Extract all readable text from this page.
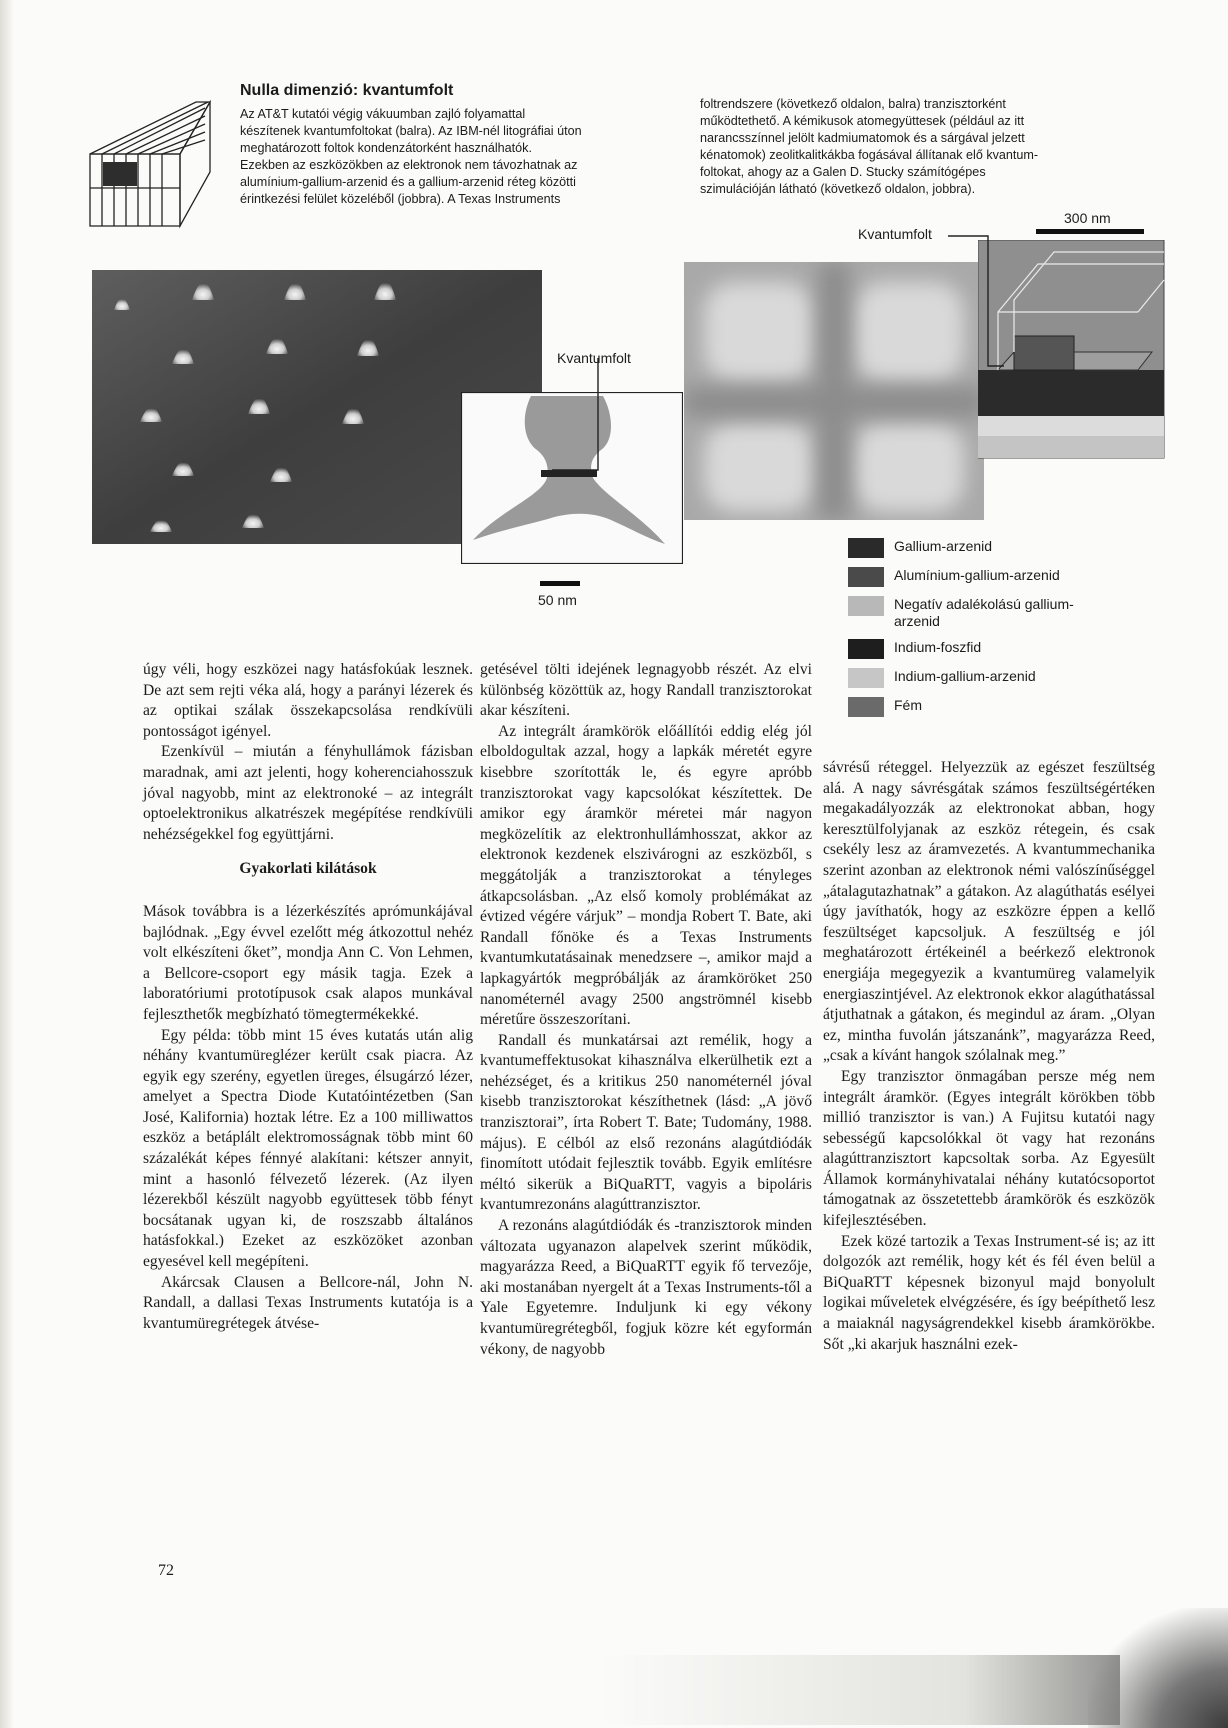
Nulla dimenzió: kvantumfolt

Az AT&T kutatói végig vákuumban zajló folyamattal

készítenek kvantumfoltokat (balra). Az IBM-nél litográfiai úton

meghatározott foltok kondenzátorként használhatók.

Ezekben az eszközökben az elektronok nem távozhatnak az

alumínium-gallium-arzenid és a gallium-arzenid réteg közötti

érintkezési felület közeléből (jobbra). A Texas Instruments

foltrendszere (következő oldalon, balra) tranzisztorként

működtethető. A kémikusok atomegyüttesek (például az itt

narancsszínnel jelölt kadmiumatomok és a sárgával jelzett

kénatomok) zeolitkalitkákba fogásával állítanak elő kvantum-

foltokat, ahogy az a Galen D. Stucky számítógépes

szimulációján látható (következő oldalon, jobbra).

Kvantumfolt
50 nm
Kvantumfolt
300 nm
Gallium-arzenid
Alumínium-gallium-arzenid
Negatív adalékolású gallium-arzenid
Indium-foszfid
Indium-gallium-arzenid
Fém

úgy véli, hogy eszközei nagy hatásfokúak lesznek. De azt sem rejti véka alá, hogy a parányi lézerek és az optikai szálak összekapcsolása rendkívüli pontosságot igényel.

Ezenkívül – miután a fényhullámok fázisban maradnak, ami azt jelenti, hogy koherenciahosszuk jóval nagyobb, mint az elektronoké – az integrált optoelektronikus alkatrészek megépítése rendkívüli nehézségekkel fog együttjárni.

Gyakorlati kilátások

Mások továbbra is a lézerkészítés aprómunkájával bajlódnak. „Egy évvel ezelőtt még átkozottul nehéz volt elkészíteni őket”, mondja Ann C. Von Lehmen, a Bellcore-csoport egy másik tagja. Ezek a laboratóriumi prototípusok csak alapos munkával fejleszthetők megbízható tömegtermékekké.

Egy példa: több mint 15 éves kutatás után alig néhány kvantumüreglézer került csak piacra. Az egyik egy szerény, egyetlen üreges, élsugárzó lézer, amelyet a Spectra Diode Kutatóintézetben (San José, Kalifornia) hoztak létre. Ez a 100 milliwattos eszköz a betáplált elektromosságnak több mint 60 százalékát képes fénnyé alakítani: kétszer annyit, mint a hasonló félvezető lézerek. (Az ilyen lézerekből készült nagyobb együttesek több fényt bocsátanak ugyan ki, de roszszabb általános hatásfokkal.) Ezeket az eszközöket azonban egyesével kell megépíteni.

Akárcsak Clausen a Bellcore-nál, John N. Randall, a dallasi Texas Instruments kutatója is a kvantumüregrétegek átvése-

getésével tölti idejének legnagyobb részét. Az elvi különbség közöttük az, hogy Randall tranzisztorokat akar készíteni.

Az integrált áramkörök előállítói eddig elég jól elboldogultak azzal, hogy a lapkák méretét egyre kisebbre szorították le, és egyre apróbb tranzisztorokat vagy kapcsolókat készítettek. De amikor egy áramkör méretei már nagyon megközelítik az elektronhullámhosszat, akkor az elektronok kezdenek elszivárogni az eszközből, s meggátolják a tranzisztorokat a tényleges átkapcsolásban. „Az első komoly problémákat az évtized végére várjuk” – mondja Robert T. Bate, aki Randall főnöke és a Texas Instruments kvantumkutatásainak menedzsere –, amikor majd a lapkagyártók megpróbálják az áramköröket 250 nanométernél avagy 2500 angströmnél kisebb méretűre összeszorítani.

Randall és munkatársai azt remélik, hogy a kvantumeffektusokat kihasználva elkerülhetik ezt a nehézséget, és a kritikus 250 nanométernél jóval kisebb tranzisztorokat készíthetnek (lásd: „A jövő tranzisztorai”, írta Robert T. Bate; Tudomány, 1988. május). E célból az első rezonáns alagútdiódák finomított utódait fejlesztik tovább. Egyik említésre méltó sikerük a BiQuaRTT, vagyis a bipoláris kvantumrezonáns alagúttranzisztor.

A rezonáns alagútdiódák és -tranzisztorok minden változata ugyanazon alapelvek szerint működik, magyarázza Reed, a BiQuaRTT egyik fő tervezője, aki mostanában nyergelt át a Texas Instruments-től a Yale Egyetemre. Induljunk ki egy vékony kvantumüregrétegből, fogjuk közre két egyformán vékony, de nagyobb

sávrésű réteggel. Helyezzük az egészet feszültség alá. A nagy sávrésgátak számos feszültségértéken megakadályozzák az elektronokat abban, hogy keresztülfolyjanak az eszköz rétegein, és csak csekély lesz az áramvezetés. A kvantummechanika szerint azonban az elektronok némi valószínűséggel „átalagutazhatnak” a gátakon. Az alagúthatás esélyei úgy javíthatók, hogy az eszközre éppen a kellő feszültséget kapcsoljuk. A feszültség e jól meghatározott értékeinél a beérkező elektronok energiája megegyezik a kvantumüreg valamelyik energiaszintjével. Az elektronok ekkor alagúthatással átjuthatnak a gátakon, és megindul az áram. „Olyan ez, mintha fuvolán játszanánk”, magyarázza Reed, „csak a kívánt hangok szólalnak meg.”

Egy tranzisztor önmagában persze még nem integrált áramkör. (Egyes integrált körökben több millió tranzisztor is van.) A Fujitsu kutatói nagy sebességű kapcsolókkal öt vagy hat rezonáns alagúttranzisztort kapcsoltak sorba. Az Egyesült Államok kormányhivatalai néhány kutatócsoportot támogatnak az összetettebb áramkörök és eszközök kifejlesztésében.

Ezek közé tartozik a Texas Instrument-sé is; az itt dolgozók azt remélik, hogy két és fél éven belül a BiQuaRTT képesnek bizonyul majd bonyolult logikai műveletek elvégzésére, és így beépíthető lesz a maiaknál nagyságrendekkel kisebb áramkörökbe. Sőt „ki akarjuk használni ezek-

72
